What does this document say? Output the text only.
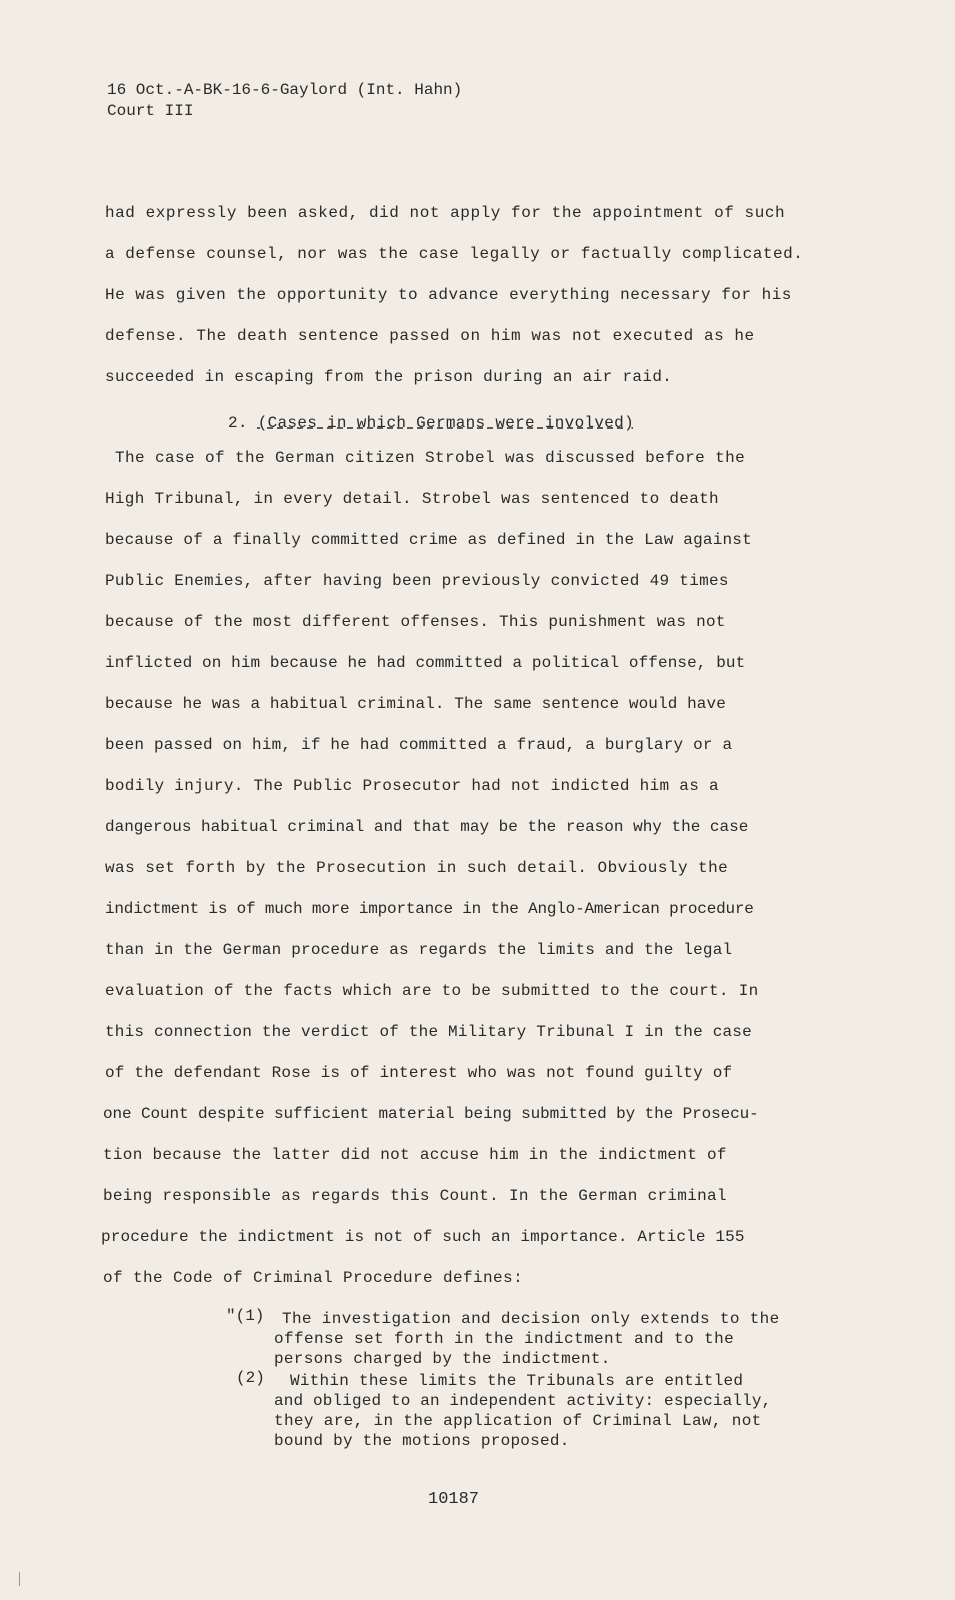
16 Oct.-A-BK-16-6-Gaylord (Int. Hahn)
Court III
had expressly been asked, did not apply for the appointment of such
a defense counsel, nor was the case legally or factually complicated.
He was given the opportunity to advance everything necessary for his
defense. The death sentence passed on him was not executed as he
succeeded in escaping from the prison during an air raid.
2. (Cases in which Germans were involved)
The case of the German citizen Strobel was discussed before the
High Tribunal, in every detail. Strobel was sentenced to death
because of a finally committed crime as defined in the Law against
Public Enemies, after having been previously convicted 49 times
because of the most different offenses. This punishment was not
inflicted on him because he had committed a political offense, but
because he was a habitual criminal. The same sentence would have
been passed on him, if he had committed a fraud, a burglary or a
bodily injury. The Public Prosecutor had not indicted him as a
dangerous habitual criminal and that may be the reason why the case
was set forth by the Prosecution in such detail. Obviously the
indictment is of much more importance in the Anglo-American procedure
than in the German procedure as regards the limits and the legal
evaluation of the facts which are to be submitted to the court. In
this connection the verdict of the Military Tribunal I in the case
of the defendant Rose is of interest who was not found guilty of
one Count despite sufficient material being submitted by the Prosecu-
tion because the latter did not accuse him in the indictment of
being responsible as regards this Count. In the German criminal
procedure the indictment is not of such an importance. Article 155
of the Code of Criminal Procedure defines:
"(1) The investigation and decision only extends to the
offense set forth in the indictment and to the
persons charged by the indictment.
(2) Within these limits the Tribunals are entitled
and obliged to an independent activity: especially,
they are, in the application of Criminal Law, not
bound by the motions proposed.
10187
